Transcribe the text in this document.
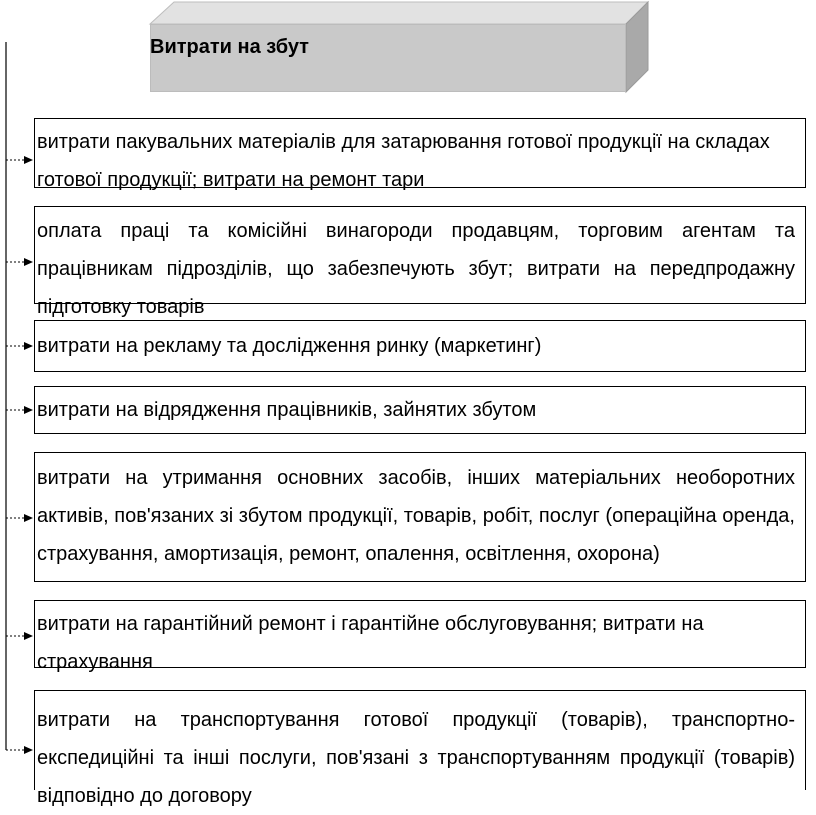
Витрати на збут
витрати пакувальних матеріалів для затарювання готової продукції на складах готової продукції; витрати на ремонт тари
оплата праці та комісійні винагороди продавцям, торговим агентам та працівникам підрозділів, що забезпечують збут; витрати на передпродажну підготовку товарів
витрати на рекламу та дослідження ринку (маркетинг)
витрати на відрядження працівників, зайнятих збутом
витрати на утримання основних засобів, інших матеріальних необоротних активів, пов'язаних зі збутом продукції, товарів, робіт, послуг (операційна оренда, страхування, амортизація, ремонт, опалення, освітлення, охорона)
витрати на гарантійний ремонт і гарантійне обслуговування; витрати на страхування
витрати на транспортування готової продукції (товарів), транспортно-експедиційні та інші послуги, пов'язані з транспортуванням продукції (товарів) відповідно до договору
